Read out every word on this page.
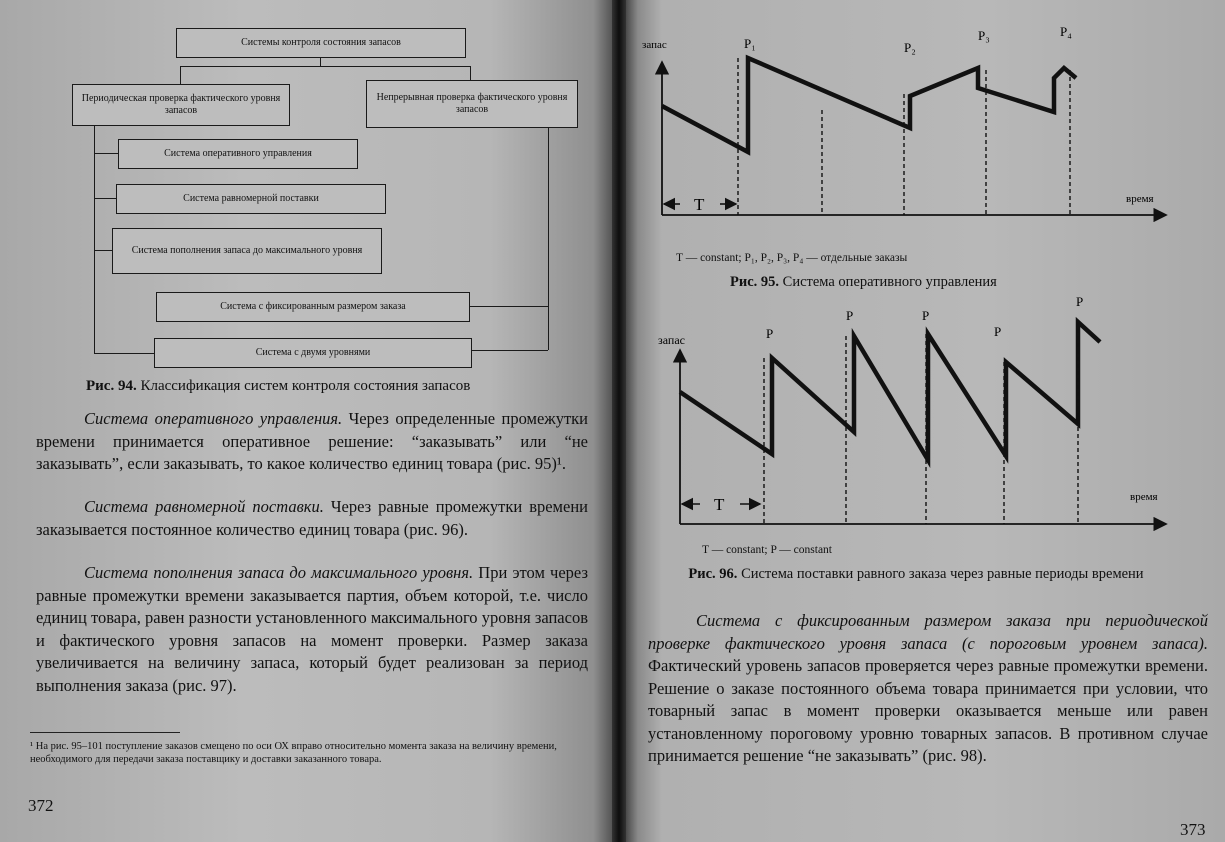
Системы контроля состояния запасов
Периодическая проверка фактического уровня запасов
Непрерывная проверка фактического уровня запасов
Система оперативного управления
Система равномерной поставки
Система пополнения запаса до максимального уровня
Система с фиксированным размером заказа
Система с двумя уровнями
Рис. 94. Классификация систем контроля состояния запасов

Система оперативного управления. Через определенные промежутки времени принимается оперативное решение: “заказывать” или “не заказывать”, если заказывать, то какое количество единиц товара (рис. 95)¹.

Система равномерной поставки. Через равные промежутки времени заказывается постоянное количество единиц товара (рис. 96).

Система пополнения запаса до максимального уровня. При этом через равные промежутки времени заказывается партия, объем которой, т.е. число единиц товара, равен разности установленного максимального уровня запасов и фактического уровня запасов на момент проверки. Размер заказа увеличивается на величину запаса, который будет реализован за период выполнения заказа (рис. 97).

¹ На рис. 95–101 поступление заказов смещено по оси ОХ вправо относительно момента заказа на величину времени, необходимого для передачи заказа поставщику и доставки заказанного товара.

372
T
запас
время
P₁	P₂
P₃	P₄
T — constant; P₁, P₂, P₃, P₄ — отдельные заказы
Рис. 95. Система оперативного управления
T
запас
время
P
P	P
P
P
T — constant; P — constant
Рис. 96. Система поставки равного заказа через равные периоды времени

Система с фиксированным размером заказа при периодической проверке фактического уровня запаса (с пороговым уровнем запаса). Фактический уровень запасов проверяется через равные промежутки времени. Решение о заказе постоянного объема товара принимается при условии, что товарный запас в момент проверки оказывается меньше или равен установленному пороговому уровню товарных запасов. В противном случае принимается решение “не заказывать” (рис. 98).

373
